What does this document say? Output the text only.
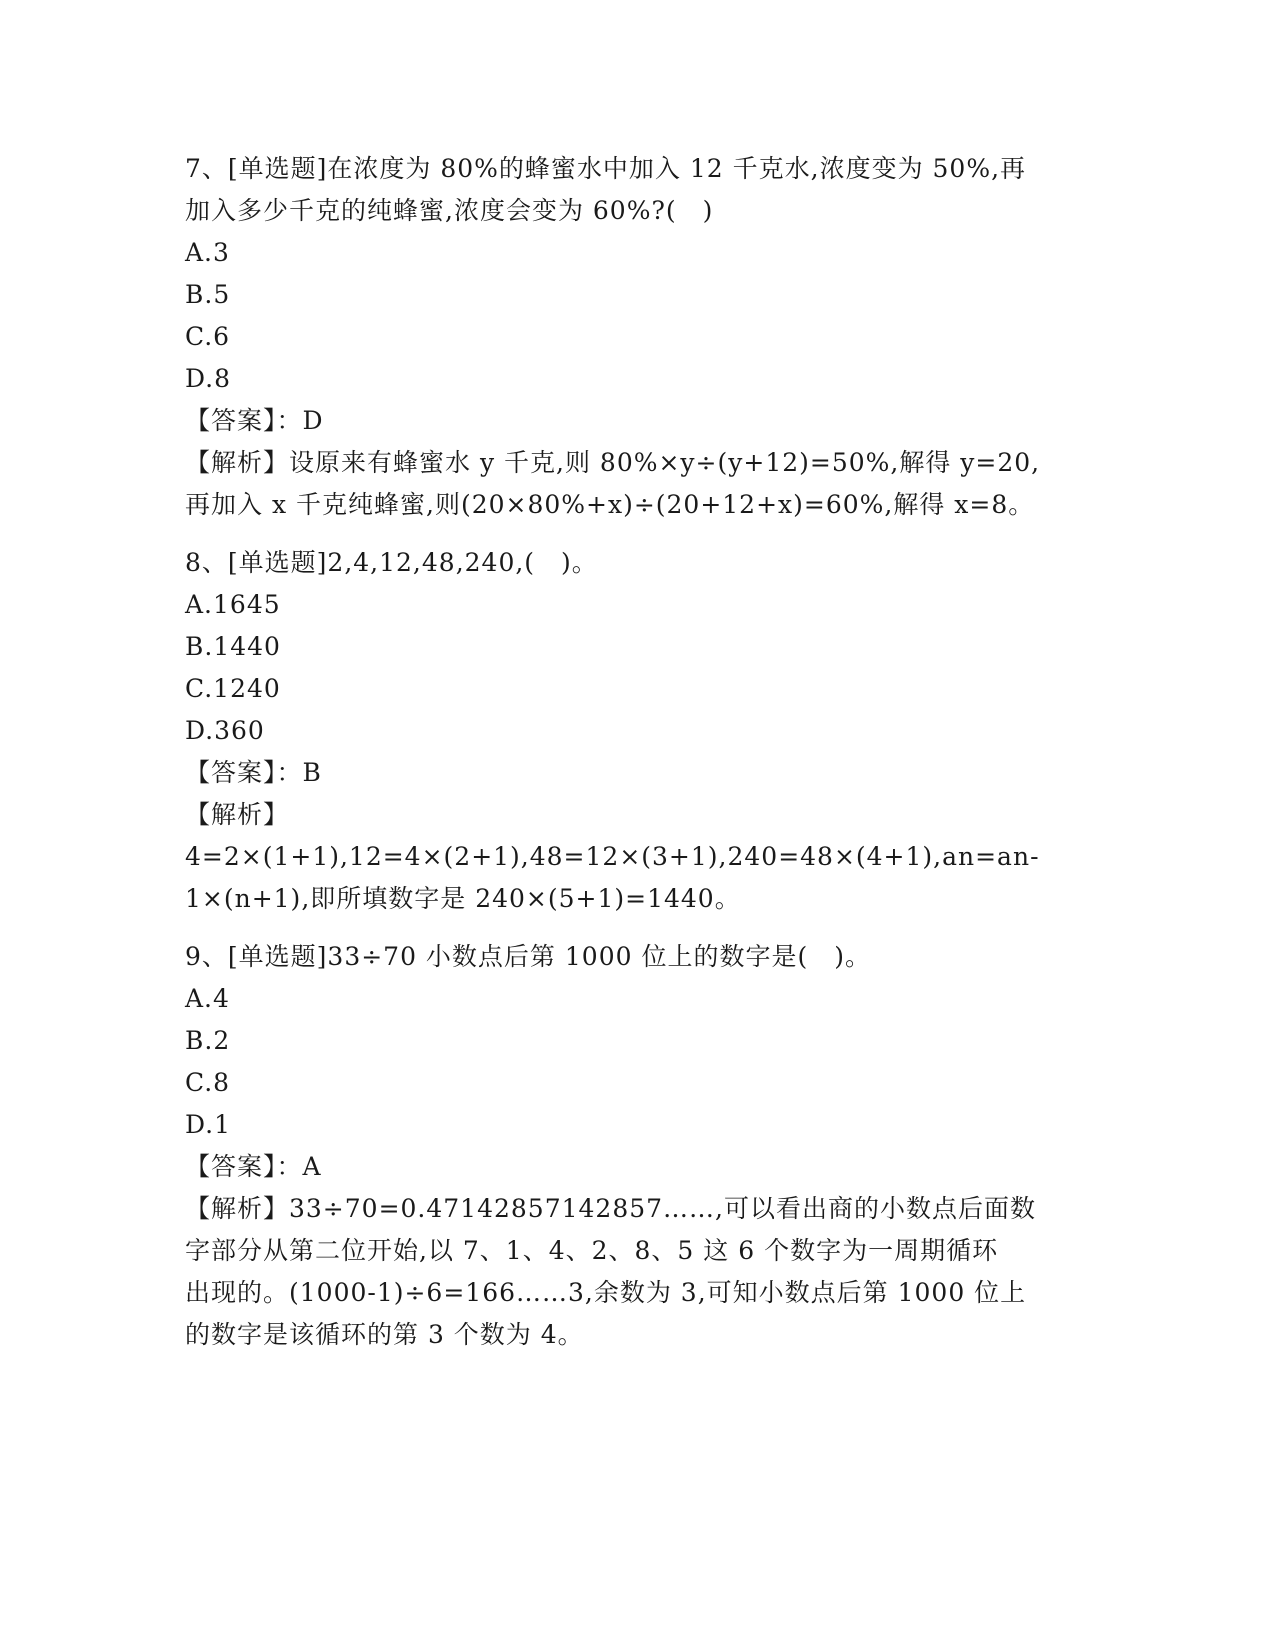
7、[单选题]在浓度为 80%的蜂蜜水中加入 12 千克水,浓度变为 50%,再
加入多少千克的纯蜂蜜,浓度会变为 60%?(　)
A.3
B.5
C.6
D.8
【答案】：D
【解析】设原来有蜂蜜水 y 千克,则 80%×y÷(y+12)=50%,解得 y=20,
再加入 x 千克纯蜂蜜,则(20×80%+x)÷(20+12+x)=60%,解得 x=8。
8、[单选题]2,4,12,48,240,(　)。
A.1645
B.1440
C.1240
D.360
【答案】：B
【解析】
4=2×(1+1),12=4×(2+1),48=12×(3+1),240=48×(4+1),an=an-
1×(n+1),即所填数字是 240×(5+1)=1440。
9、[单选题]33÷70 小数点后第 1000 位上的数字是(　)。
A.4
B.2
C.8
D.1
【答案】：A
【解析】33÷70=0.47142857142857……,可以看出商的小数点后面数
字部分从第二位开始,以 7、1、4、2、8、5 这 6 个数字为一周期循环
出现的。(1000-1)÷6=166……3,余数为 3,可知小数点后第 1000 位上
的数字是该循环的第 3 个数为 4。
